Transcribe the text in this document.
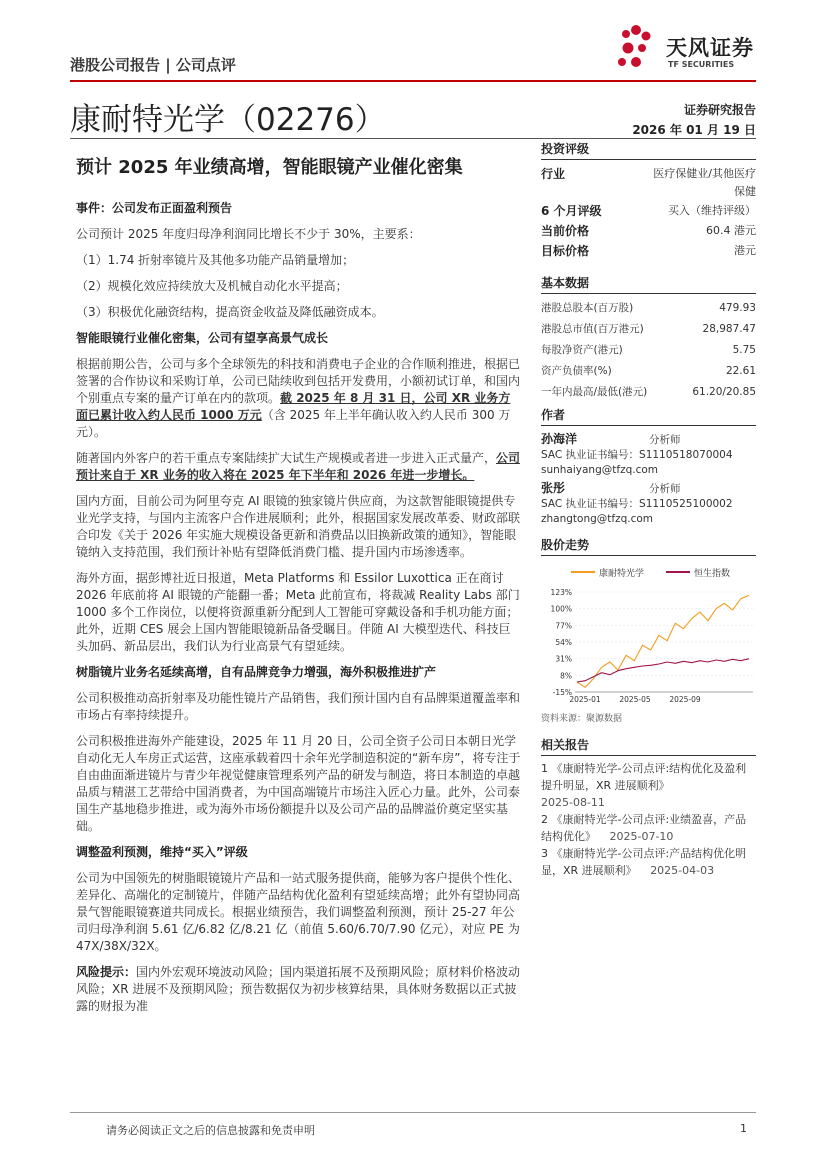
港股公司报告 | 公司点评
天风证券
TF SECURITIES
康耐特光学（02276）	证券研究报告
2026 年 01 月 19 日
预计 2025 年业绩高增，智能眼镜产业催化密集
事件：公司发布正面盈利预告
公司预计 2025 年度归母净利润同比增长不少于 30%，主要系：
（1）1.74 折射率镜片及其他多功能产品销量增加；
（2）规模化效应持续放大及机械自动化水平提高；
（3）积极优化融资结构，提高资金收益及降低融资成本。
智能眼镜行业催化密集，公司有望享高景气成长
根据前期公告，公司与多个全球领先的科技和消费电子企业的合作顺利推进，根据已签署的合作协议和采购订单，公司已陆续收到包括开发费用，小额初试订单，和国内个别重点专案的量产订单在内的款项。截 2025 年 8 月 31 日，公司 XR 业务方面已累计收入约人民币 1000 万元（含 2025 年上半年确认收入约人民币 300 万元）。
随著国内外客户的若干重点专案陆续扩大试生产规模或者进一步进入正式量产，公司预计来自于 XR 业务的收入将在 2025 年下半年和 2026 年进一步增长。
国内方面，目前公司为阿里夸克 AI 眼镜的独家镜片供应商，为这款智能眼镜提供专业光学支持，与国内主流客户合作进展顺利；此外，根据国家发展改革委、财政部联合印发《关于 2026 年实施大规模设备更新和消费品以旧换新政策的通知》，智能眼镜纳入支持范围，我们预计补贴有望降低消费门槛、提升国内市场渗透率。
海外方面，据彭博社近日报道，Meta Platforms 和 Essilor Luxottica 正在商讨 2026 年底前将 AI 眼镜的产能翻一番；Meta 此前宣布，将裁减 Reality Labs 部门 1000 多个工作岗位，以便将资源重新分配到人工智能可穿戴设备和手机功能方面；此外，近期 CES 展会上国内智能眼镜新品备受瞩目。伴随 AI 大模型迭代、科技巨头加码、新品层出，我们认为行业高景气有望延续。
树脂镜片业务名延续高增，自有品牌竞争力增强，海外积极推进扩产
公司积极推动高折射率及功能性镜片产品销售，我们预计国内自有品牌渠道覆盖率和市场占有率持续提升。
公司积极推进海外产能建设，2025 年 11 月 20 日，公司全资子公司日本朝日光学自动化无人车房正式运营，这座承载着四十余年光学制造积淀的“新车房”，将专注于自由曲面渐进镜片与青少年视觉健康管理系列产品的研发与制造，将日本制造的卓越品质与精湛工艺带给中国消费者，为中国高端镜片市场注入匠心力量。此外，公司泰国生产基地稳步推进，或为海外市场份额提升以及公司产品的品牌溢价奠定坚实基础。
调整盈利预测，维持“买入”评级
公司为中国领先的树脂眼镜镜片产品和一站式服务提供商，能够为客户提供个性化、差异化、高端化的定制镜片，伴随产品结构优化盈利有望延续高增；此外有望协同高景气智能眼镜赛道共同成长。根据业绩预告，我们调整盈利预测，预计 25-27 年公司归母净利润 5.61 亿/6.82 亿/8.21 亿（前值 5.60/6.70/7.90 亿元），对应 PE 为 47X/38X/32X。
风险提示：国内外宏观环境波动风险；国内渠道拓展不及预期风险；原材料价格波动风险；XR 进展不及预期风险；预告数据仅为初步核算结果，具体财务数据以正式披露的财报为准
投资评级
行业	医疗保健业/其他医疗保健
6 个月评级	买入（维持评级）
当前价格	60.4 港元
目标价格	港元
基本数据
港股总股本(百万股)	479.93
港股总市值(百万港元)	28,987.47
每股净资产(港元)	5.75
资产负债率(%)	22.61
一年内最高/最低(港元)	61.20/20.85
作者
孙海洋	分析师
SAC 执业证书编号：S1110518070004
sunhaiyang@tfzq.com
张彤	分析师
SAC 执业证书编号：S1110525100002
zhangtong@tfzq.com
股价走势
康耐特光学	恒生指数
123%
100%
77%
54%
31%
8%
-15%
2025-01 2025-05 2025-09
资料来源：聚源数据
相关报告
1 《康耐特光学-公司点评:结构优化及盈利提升明显，XR 进展顺利》
2025-08-11
2 《康耐特光学-公司点评:业绩盈喜，产品结构优化》 2025-07-10
3 《康耐特光学-公司点评:产品结构优化明显，XR 进展顺利》 2025-04-03
请务必阅读正文之后的信息披露和免责申明	1
